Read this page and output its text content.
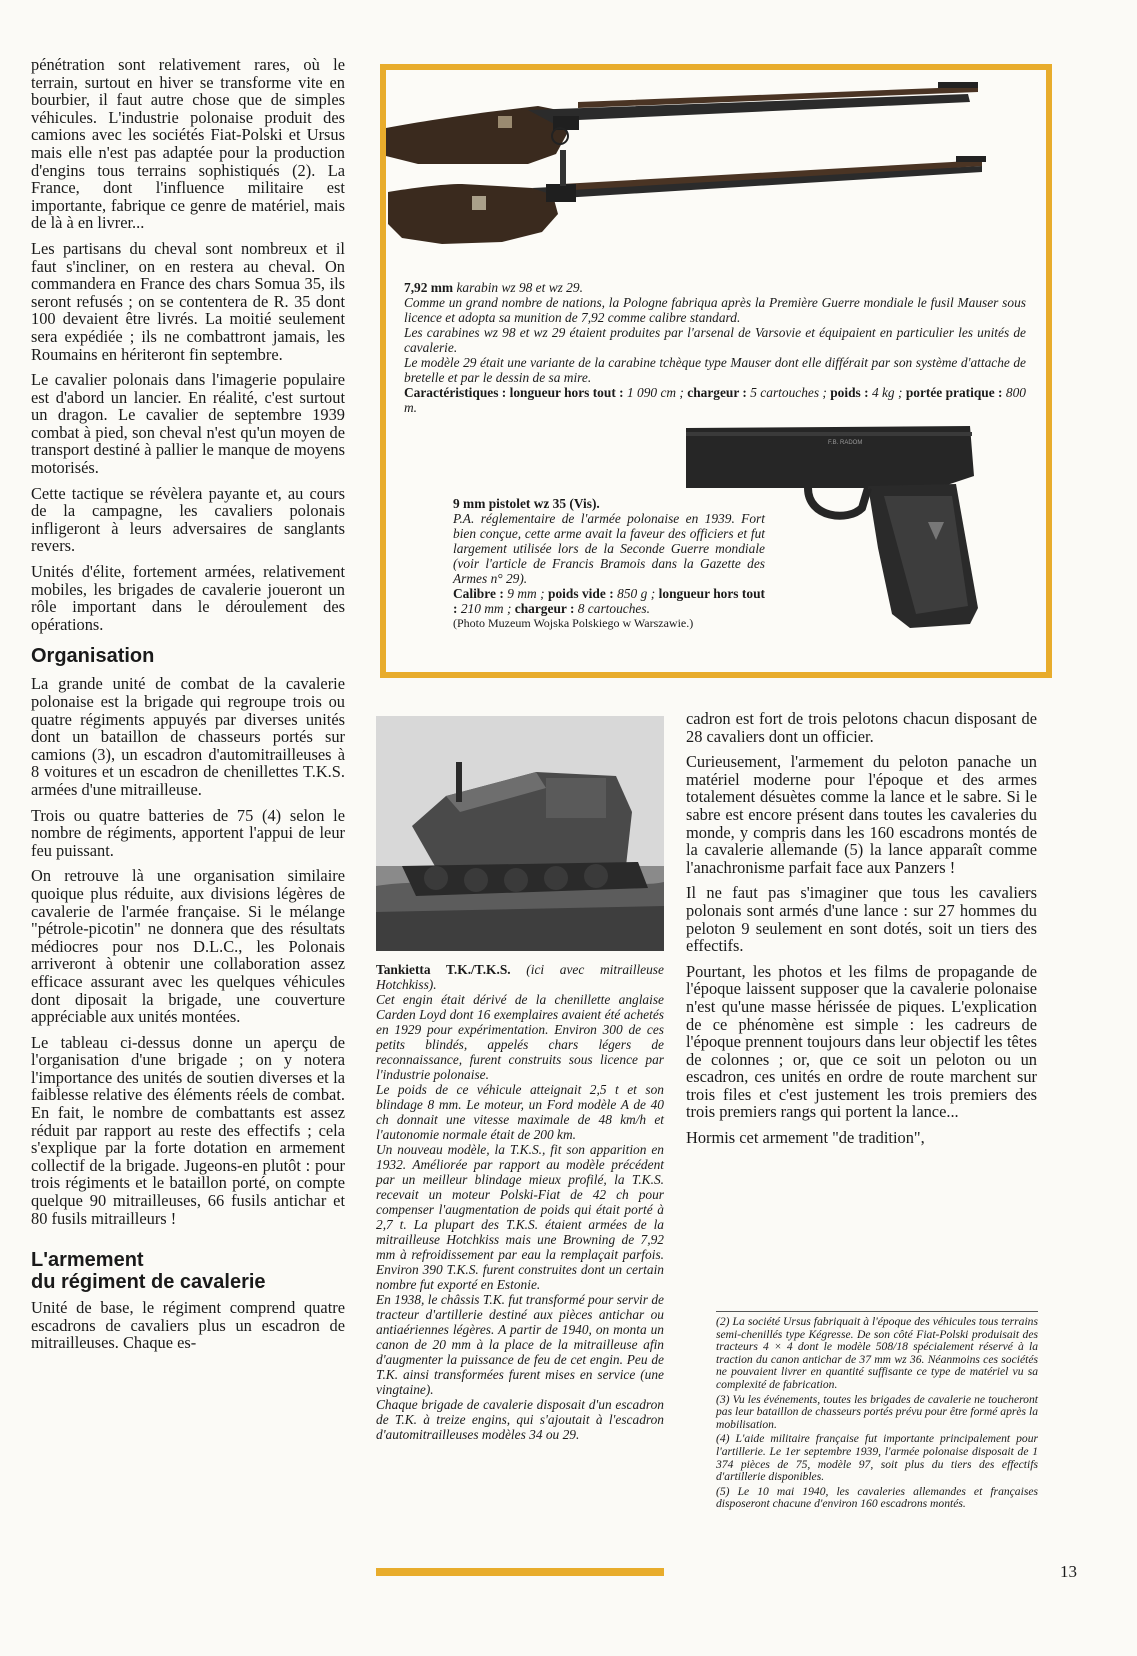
pénétration sont relativement rares, où le terrain, surtout en hiver se transforme vite en bourbier, il faut autre chose que de simples véhicules. L'industrie polonaise produit des camions avec les sociétés Fiat-Polski et Ursus mais elle n'est pas adaptée pour la production d'engins tous terrains sophistiqués (2). La France, dont l'influence militaire est importante, fabrique ce genre de matériel, mais de là à en livrer...

Les partisans du cheval sont nombreux et il faut s'incliner, on en restera au cheval. On commandera en France des chars Somua 35, ils seront refusés ; on se contentera de R. 35 dont 100 devaient être livrés. La moitié seulement sera expédiée ; ils ne combattront jamais, les Roumains en hériteront fin septembre.

Le cavalier polonais dans l'imagerie populaire est d'abord un lancier. En réalité, c'est surtout un dragon. Le cavalier de septembre 1939 combat à pied, son cheval n'est qu'un moyen de transport destiné à pallier le manque de moyens motorisés.

Cette tactique se révèlera payante et, au cours de la campagne, les cavaliers polonais infligeront à leurs adversaires de sanglants revers.

Unités d'élite, fortement armées, relativement mobiles, les brigades de cavalerie joueront un rôle important dans le déroulement des opérations.

Organisation

La grande unité de combat de la cavalerie polonaise est la brigade qui regroupe trois ou quatre régiments appuyés par diverses unités dont un bataillon de chasseurs portés sur camions (3), un escadron d'automitrailleuses à 8 voitures et un escadron de chenillettes T.K.S. armées d'une mitrailleuse.

Trois ou quatre batteries de 75 (4) selon le nombre de régiments, apportent l'appui de leur feu puissant.

On retrouve là une organisation similaire quoique plus réduite, aux divisions légères de cavalerie de l'armée française. Si le mélange "pétrole-picotin" ne donnera que des résultats médiocres pour nos D.L.C., les Polonais arriveront à obtenir une collaboration assez efficace assurant avec les quelques véhicules dont diposait la brigade, une couverture appréciable aux unités montées.

Le tableau ci-dessus donne un aperçu de l'organisation d'une brigade ; on y notera l'importance des unités de soutien diverses et la faiblesse relative des éléments réels de combat. En fait, le nombre de combattants est assez réduit par rapport au reste des effectifs ; cela s'explique par la forte dotation en armement collectif de la brigade. Jugeons-en plutôt : pour trois régiments et le bataillon porté, on compte quelque 90 mitrailleuses, 66 fusils antichar et 80 fusils mitrailleurs !

L'armement
du régiment de cavalerie

Unité de base, le régiment comprend quatre escadrons de cavaliers plus un escadron de mitrailleuses. Chaque es-

7,92 mm karabin wz 98 et wz 29.

Comme un grand nombre de nations, la Pologne fabriqua après la Première Guerre mondiale le fusil Mauser sous licence et adopta sa munition de 7,92 comme calibre standard.

Les carabines wz 98 et wz 29 étaient produites par l'arsenal de Varsovie et équipaient en particulier les unités de cavalerie.

Le modèle 29 était une variante de la carabine tchèque type Mauser dont elle différait par son système d'attache de bretelle et par le dessin de sa mire.

Caractéristiques : longueur hors tout : 1 090 cm ; chargeur : 5 cartouches ; poids : 4 kg ; portée pratique : 800 m.

F.B. RADOM

9 mm pistolet wz 35 (Vis).

P.A. réglementaire de l'armée polonaise en 1939. Fort bien conçue, cette arme avait la faveur des officiers et fut largement utilisée lors de la Seconde Guerre mondiale (voir l'article de Francis Bramois dans la Gazette des Armes n° 29).

Calibre : 9 mm ; poids vide : 850 g ; longueur hors tout : 210 mm ; chargeur : 8 cartouches.

(Photo Muzeum Wojska Polskiego w Warszawie.)

Tankietta T.K./T.K.S. (ici avec mitrailleuse Hotchkiss).

Cet engin était dérivé de la chenillette anglaise Carden Loyd dont 16 exemplaires avaient été achetés en 1929 pour expérimentation. Environ 300 de ces petits blindés, appelés chars légers de reconnaissance, furent construits sous licence par l'industrie polonaise.

Le poids de ce véhicule atteignait 2,5 t et son blindage 8 mm. Le moteur, un Ford modèle A de 40 ch donnait une vitesse maximale de 48 km/h et l'autonomie normale était de 200 km.

Un nouveau modèle, la T.K.S., fit son apparition en 1932. Améliorée par rapport au modèle précédent par un meilleur blindage mieux profilé, la T.K.S. recevait un moteur Polski-Fiat de 42 ch pour compenser l'augmentation de poids qui était porté à 2,7 t. La plupart des T.K.S. étaient armées de la mitrailleuse Hotchkiss mais une Browning de 7,92 mm à refroidissement par eau la remplaçait parfois. Environ 390 T.K.S. furent construites dont un certain nombre fut exporté en Estonie.

En 1938, le châssis T.K. fut transformé pour servir de tracteur d'artillerie destiné aux pièces antichar ou antiaériennes légères. A partir de 1940, on monta un canon de 20 mm à la place de la mitrailleuse afin d'augmenter la puissance de feu de cet engin. Peu de T.K. ainsi transformées furent mises en service (une vingtaine).

Chaque brigade de cavalerie disposait d'un escadron de T.K. à treize engins, qui s'ajoutait à l'escadron d'automitrailleuses modèles 34 ou 29.

cadron est fort de trois pelotons chacun disposant de 28 cavaliers dont un officier.

Curieusement, l'armement du peloton panache un matériel moderne pour l'époque et des armes totalement désuètes comme la lance et le sabre. Si le sabre est encore présent dans toutes les cavaleries du monde, y compris dans les 160 escadrons montés de la cavalerie allemande (5) la lance apparaît comme l'anachronisme parfait face aux Panzers !

Il ne faut pas s'imaginer que tous les cavaliers polonais sont armés d'une lance : sur 27 hommes du peloton 9 seulement en sont dotés, soit un tiers des effectifs.

Pourtant, les photos et les films de propagande de l'époque laissent supposer que la cavalerie polonaise n'est qu'une masse hérissée de piques. L'explication de ce phénomène est simple : les cadreurs de l'époque prennent toujours dans leur objectif les têtes de colonnes ; or, que ce soit un peloton ou un escadron, ces unités en ordre de route marchent sur trois files et c'est justement les trois premiers des trois premiers rangs qui portent la lance...

Hormis cet armement "de tradition",

(2) La société Ursus fabriquait à l'époque des véhicules tous terrains semi-chenillés type Kégresse. De son côté Fiat-Polski produisait des tracteurs 4 × 4 dont le modèle 508/18 spécialement réservé à la traction du canon antichar de 37 mm wz 36. Néanmoins ces sociétés ne pouvaient livrer en quantité suffisante ce type de matériel vu sa complexité de fabrication.

(3) Vu les événements, toutes les brigades de cavalerie ne toucheront pas leur bataillon de chasseurs portés prévu pour être formé après la mobilisation.

(4) L'aide militaire française fut importante principalement pour l'artillerie. Le 1er septembre 1939, l'armée polonaise disposait de 1 374 pièces de 75, modèle 97, soit plus du tiers des effectifs d'artillerie disponibles.

(5) Le 10 mai 1940, les cavaleries allemandes et françaises disposeront chacune d'environ 160 escadrons montés.

13
